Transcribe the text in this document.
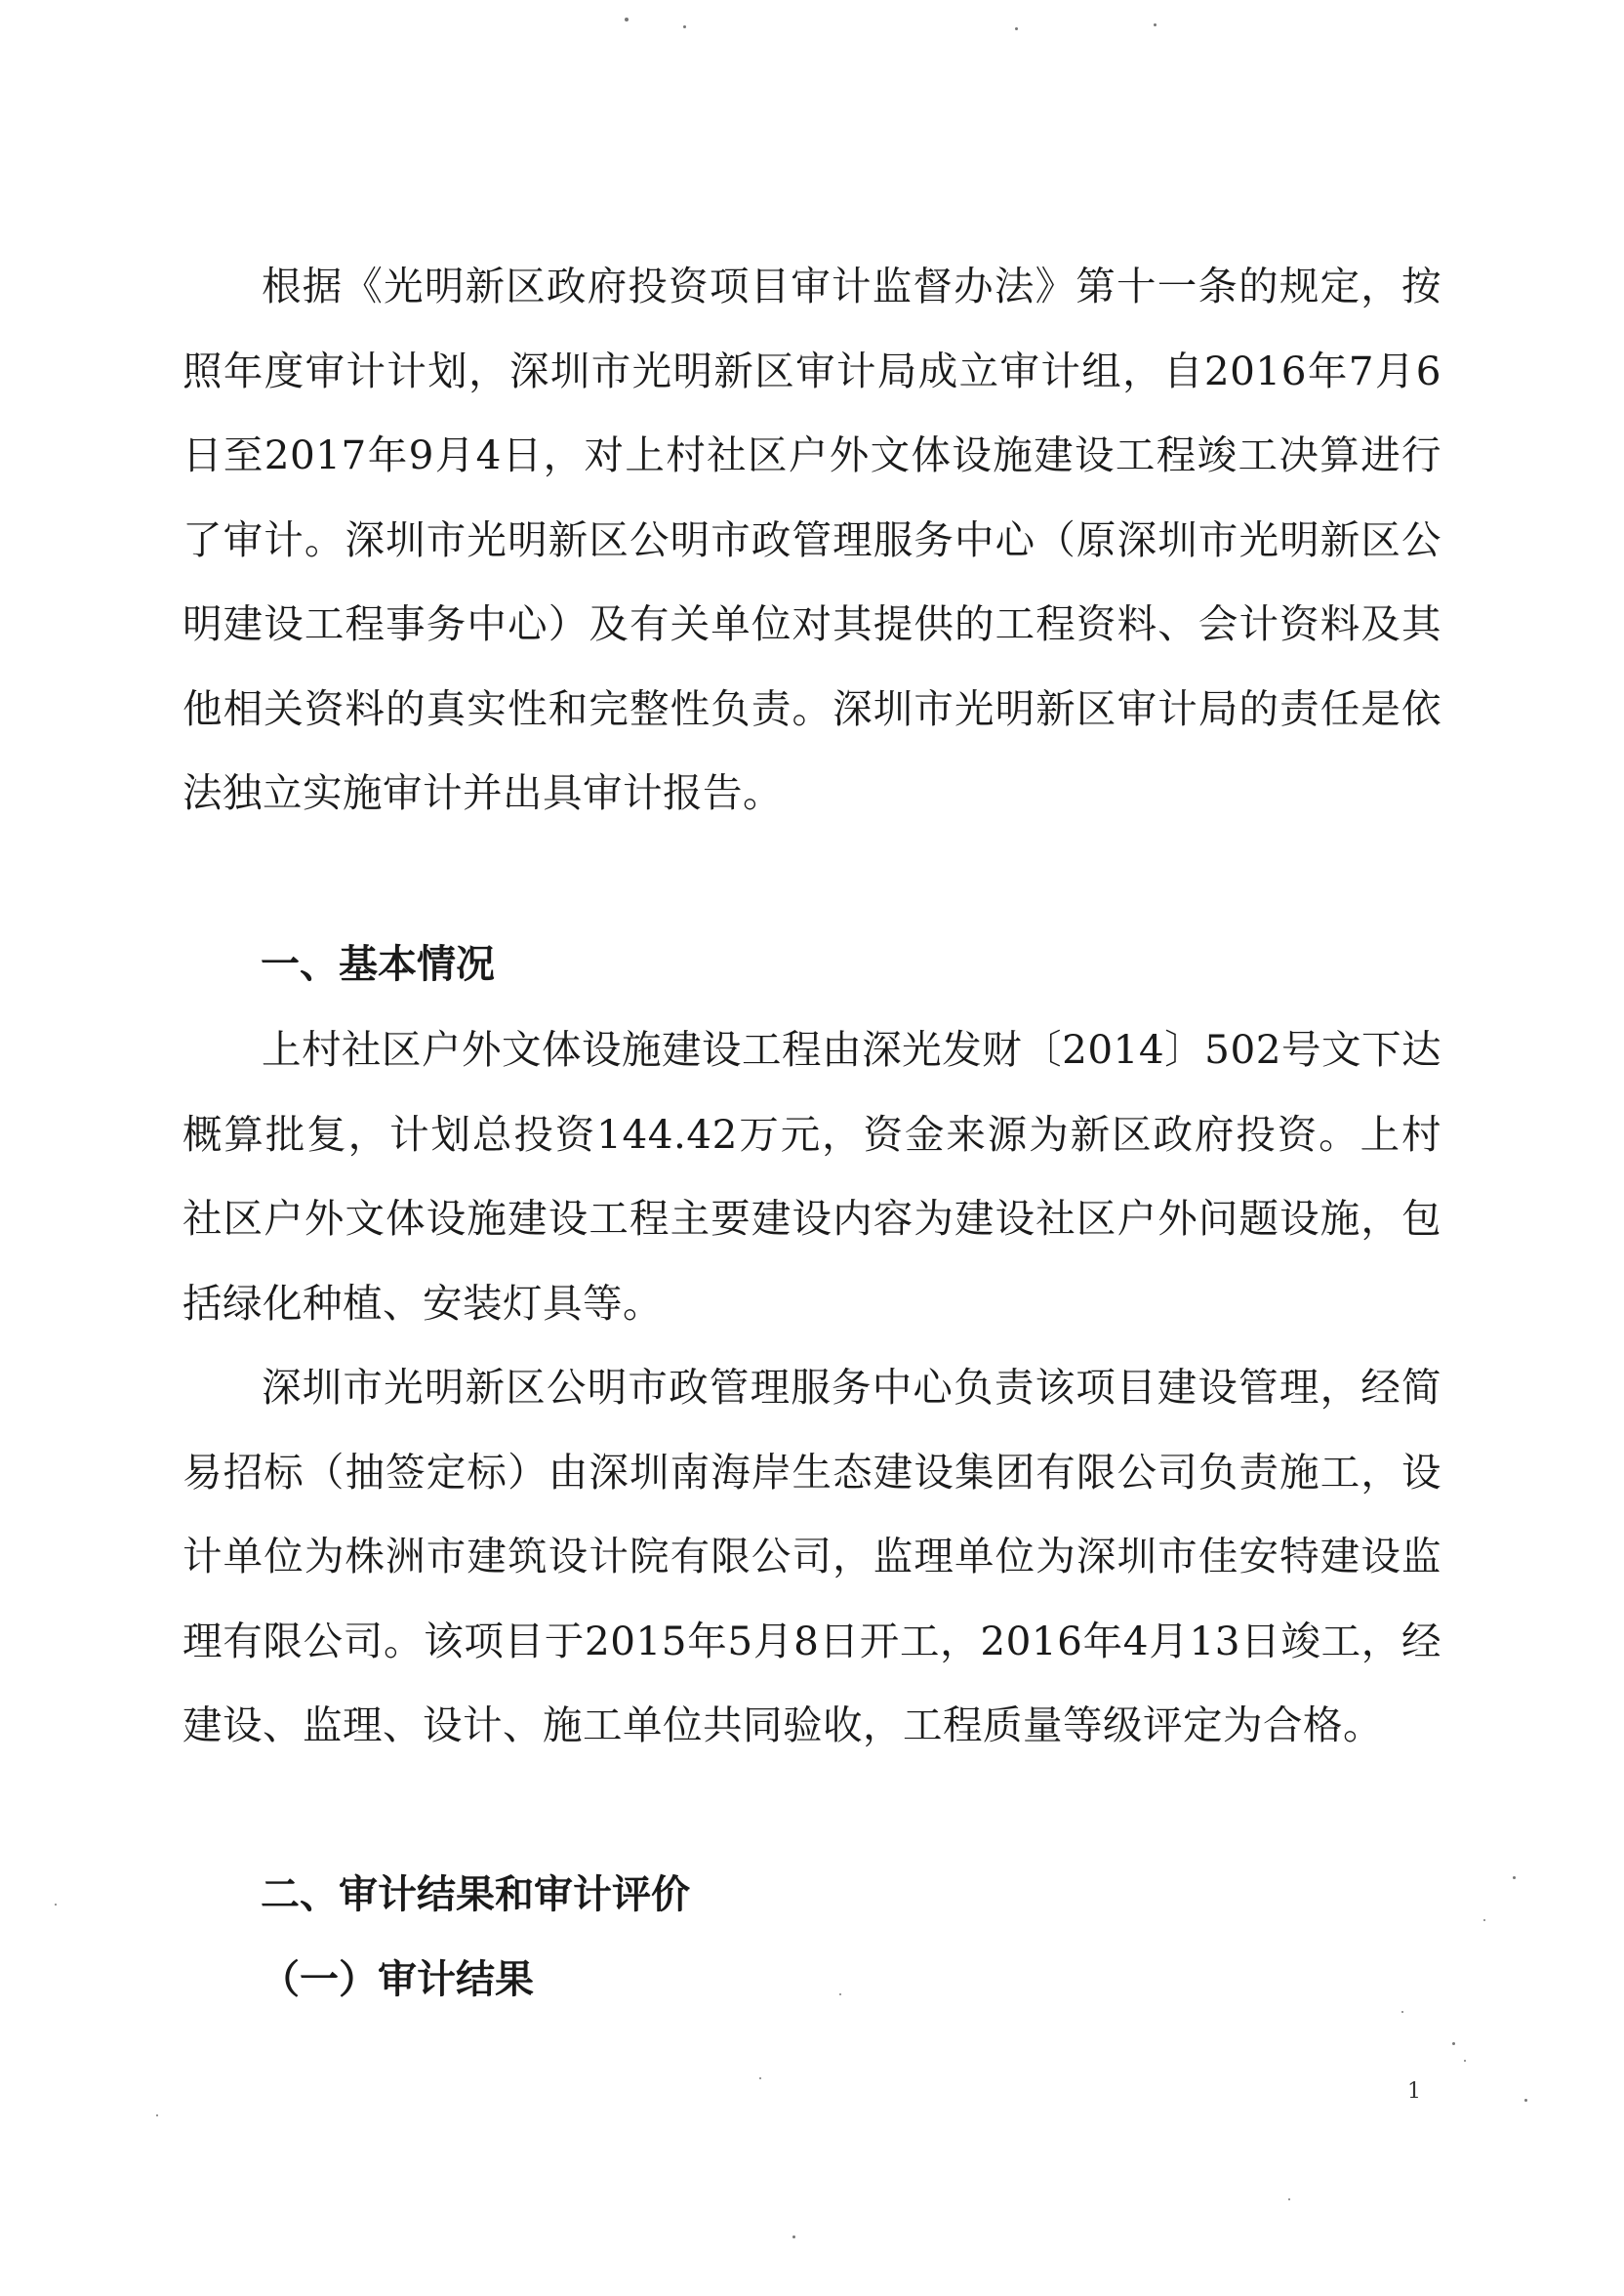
根据《光明新区政府投资项目审计监督办法》第十一条的规定，按照年度审计计划，深圳市光明新区审计局成立审计组，自2016年7月6日至2017年9月4日，对上村社区户外文体设施建设工程竣工决算进行了审计。深圳市光明新区公明市政管理服务中心（原深圳市光明新区公明建设工程事务中心）及有关单位对其提供的工程资料、会计资料及其他相关资料的真实性和完整性负责。深圳市光明新区审计局的责任是依法独立实施审计并出具审计报告。

一、基本情况

上村社区户外文体设施建设工程由深光发财〔2014〕502号文下达概算批复，计划总投资144.42万元，资金来源为新区政府投资。上村社区户外文体设施建设工程主要建设内容为建设社区户外问题设施，包括绿化种植、安装灯具等。

深圳市光明新区公明市政管理服务中心负责该项目建设管理，经简易招标（抽签定标）由深圳南海岸生态建设集团有限公司负责施工，设计单位为株洲市建筑设计院有限公司，监理单位为深圳市佳安特建设监理有限公司。该项目于2015年5月8日开工，2016年4月13日竣工，经建设、监理、设计、施工单位共同验收，工程质量等级评定为合格。

二、审计结果和审计评价
（一）审计结果
1
